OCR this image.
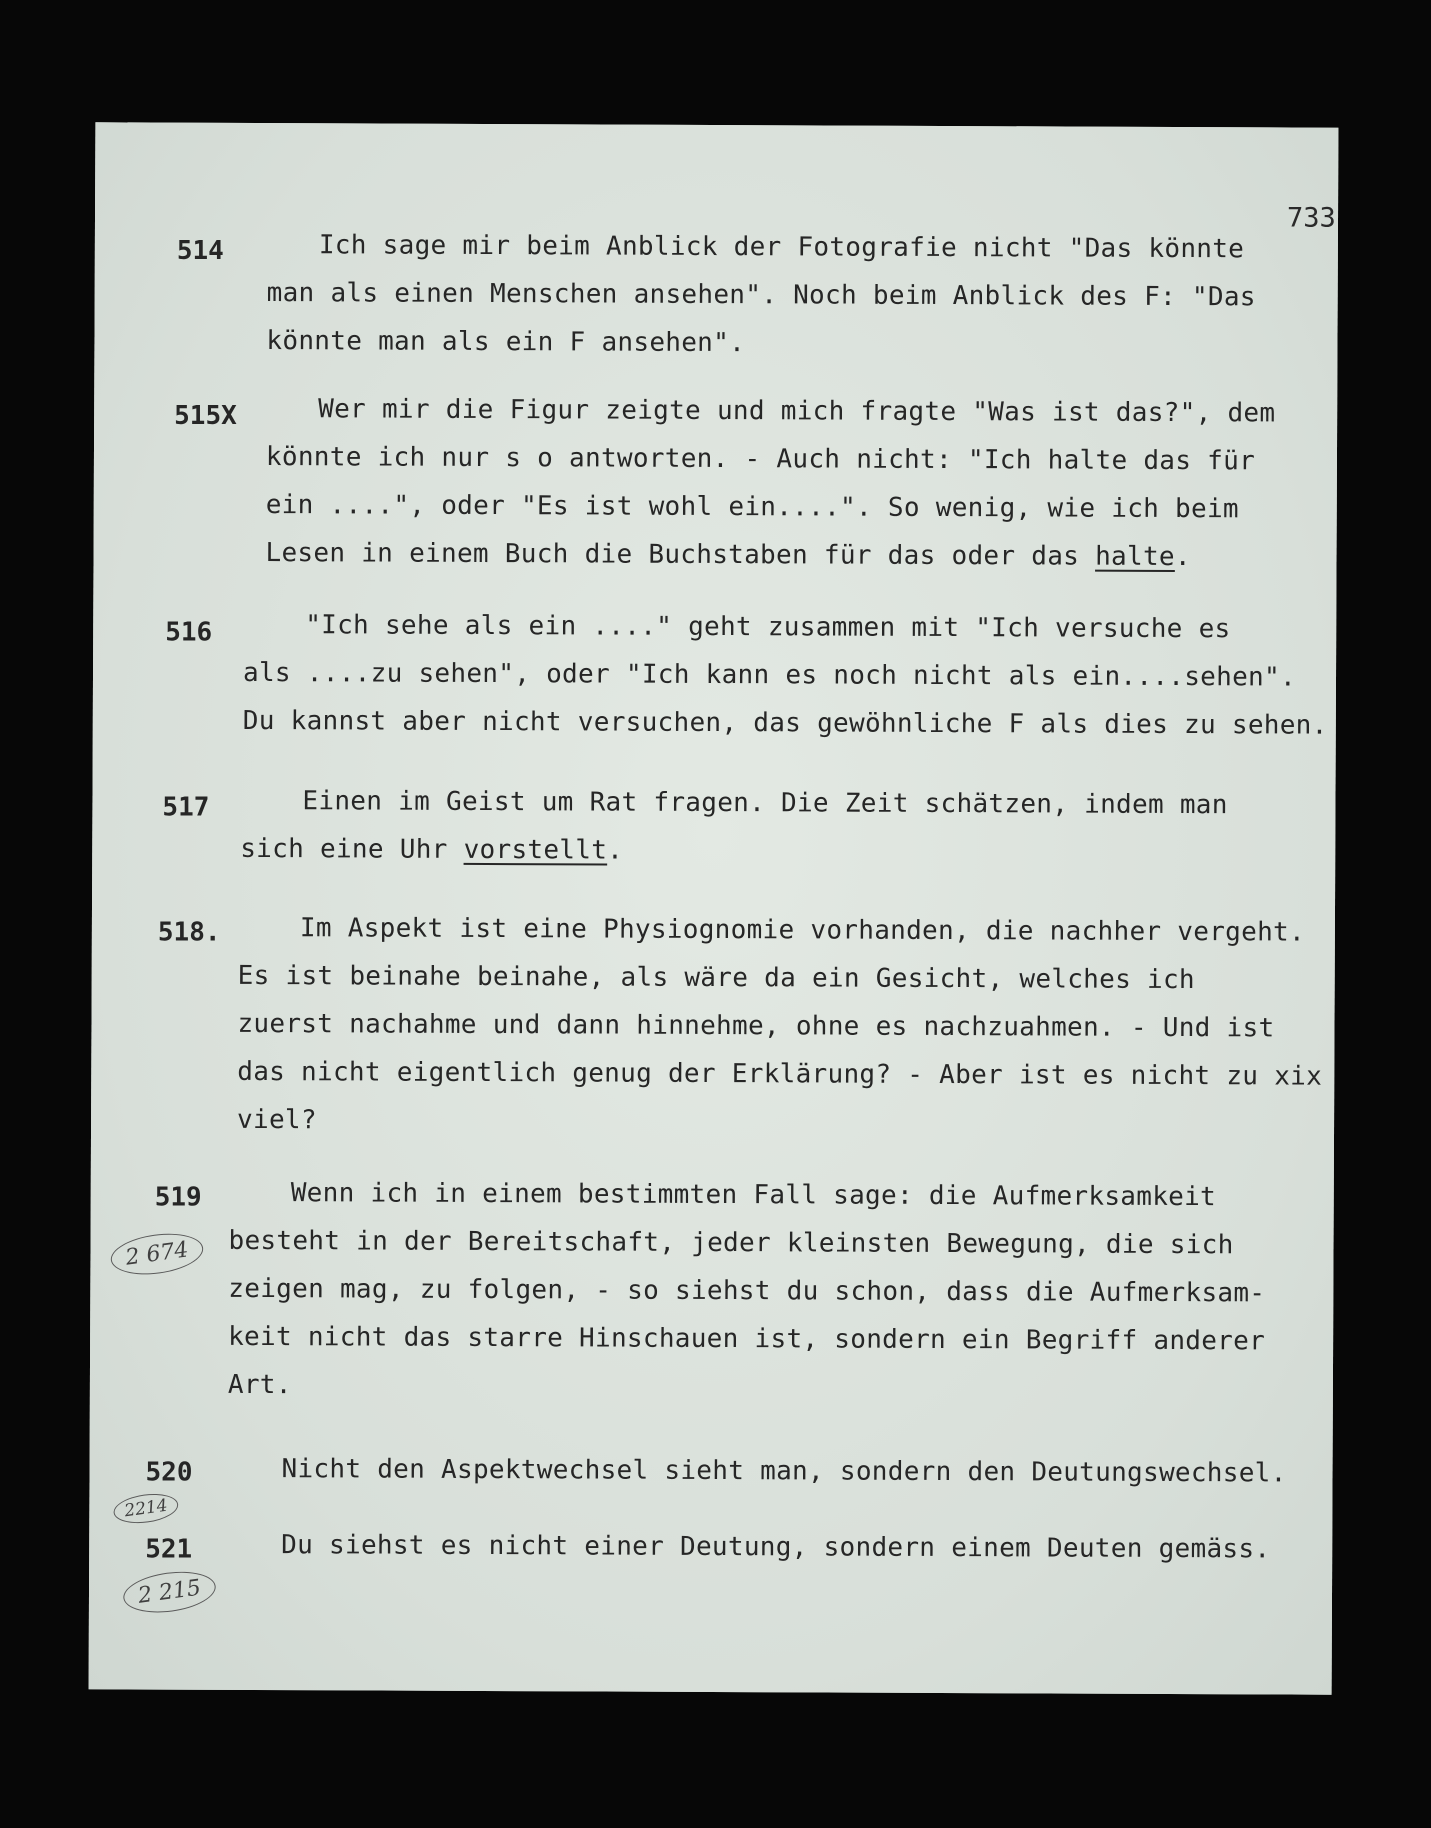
733
514	Ich sage mir beim Anblick der Fotografie nicht "Das könnte
man als einen Menschen ansehen". Noch beim Anblick des F: "Das
könnte man als ein F ansehen".
515X	Wer mir die Figur zeigte und mich fragte "Was ist das?", dem
könnte ich nur s o antworten. - Auch nicht: "Ich halte das für
ein ....", oder "Es ist wohl ein....". So wenig, wie ich beim
Lesen in einem Buch die Buchstaben für das oder das halte.
516	"Ich sehe als ein ...." geht zusammen mit "Ich versuche es
als ....zu sehen", oder "Ich kann es noch nicht als ein....sehen".
Du kannst aber nicht versuchen, das gewöhnliche F als dies zu sehen.
517	Einen im Geist um Rat fragen. Die Zeit schätzen, indem man
sich eine Uhr vorstellt.
518.	Im Aspekt ist eine Physiognomie vorhanden, die nachher vergeht.
Es ist beinahe beinahe, als wäre da ein Gesicht, welches ich
zuerst nachahme und dann hinnehme, ohne es nachzuahmen. - Und ist
das nicht eigentlich genug der Erklärung? - Aber ist es nicht zu xix
viel?
519
2 674
Wenn ich in einem bestimmten Fall sage: die Aufmerksamkeit
besteht in der Bereitschaft, jeder kleinsten Bewegung, die sich
zeigen mag, zu folgen, - so siehst du schon, dass die Aufmerksam-
keit nicht das starre Hinschauen ist, sondern ein Begriff anderer
Art.
520
2214
Nicht den Aspektwechsel sieht man, sondern den Deutungswechsel.
521
2 215
Du siehst es nicht einer Deutung, sondern einem Deuten gemäss.
